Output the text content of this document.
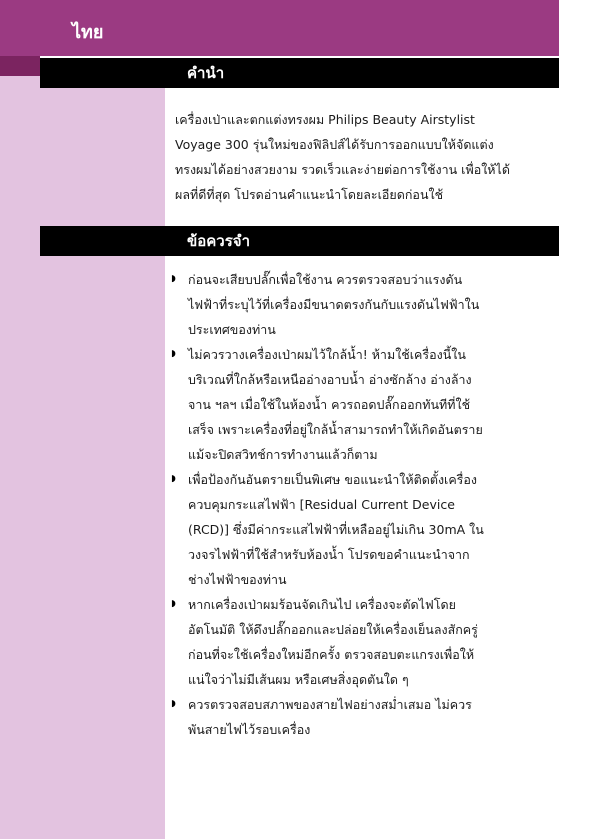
ไทย
คำนำ
เครื่องเป่าและตกแต่งทรงผม Philips Beauty Airstylist
Voyage 300 รุ่นใหม่ของฟิลิปส์ได้รับการออกแบบให้จัดแต่ง
ทรงผมได้อย่างสวยงาม รวดเร็วและง่ายต่อการใช้งาน เพื่อให้ได้
ผลที่ดีที่สุด โปรดอ่านคำแนะนำโดยละเอียดก่อนใช้
ข้อควรจำ
◗ ก่อนจะเสียบปลั๊กเพื่อใช้งาน ควรตรวจสอบว่าแรงดัน
ไฟฟ้าที่ระบุไว้ที่เครื่องมีขนาดตรงกันกับแรงดันไฟฟ้าใน
ประเทศของท่าน
◗ ไม่ควรวางเครื่องเป่าผมไว้ใกล้น้ำ! ห้ามใช้เครื่องนี้ใน
บริเวณที่ใกล้หรือเหนืออ่างอาบน้ำ อ่างซักล้าง อ่างล้าง
จาน ฯลฯ เมื่อใช้ในห้องน้ำ ควรถอดปลั๊กออกทันทีที่ใช้
เสร็จ เพราะเครื่องที่อยู่ใกล้น้ำสามารถทำให้เกิดอันตราย
แม้จะปิดสวิทช์การทำงานแล้วก็ตาม
◗ เพื่อป้องกันอันตรายเป็นพิเศษ ขอแนะนำให้ติดตั้งเครื่อง
ควบคุมกระแสไฟฟ้า [Residual Current Device
(RCD)] ซึ่งมีค่ากระแสไฟฟ้าที่เหลืออยู่ไม่เกิน 30mA ใน
วงจรไฟฟ้าที่ใช้สำหรับห้องน้ำ โปรดขอคำแนะนำจาก
ช่างไฟฟ้าของท่าน
◗ หากเครื่องเป่าผมร้อนจัดเกินไป เครื่องจะตัดไฟโดย
อัตโนมัติ ให้ดึงปลั๊กออกและปล่อยให้เครื่องเย็นลงสักครู่
ก่อนที่จะใช้เครื่องใหม่อีกครั้ง ตรวจสอบตะแกรงเพื่อให้
แน่ใจว่าไม่มีเส้นผม หรือเศษสิ่งอุดตันใด ๆ
◗ ควรตรวจสอบสภาพของสายไฟอย่างสม่ำเสมอ ไม่ควร
พันสายไฟไว้รอบเครื่อง
